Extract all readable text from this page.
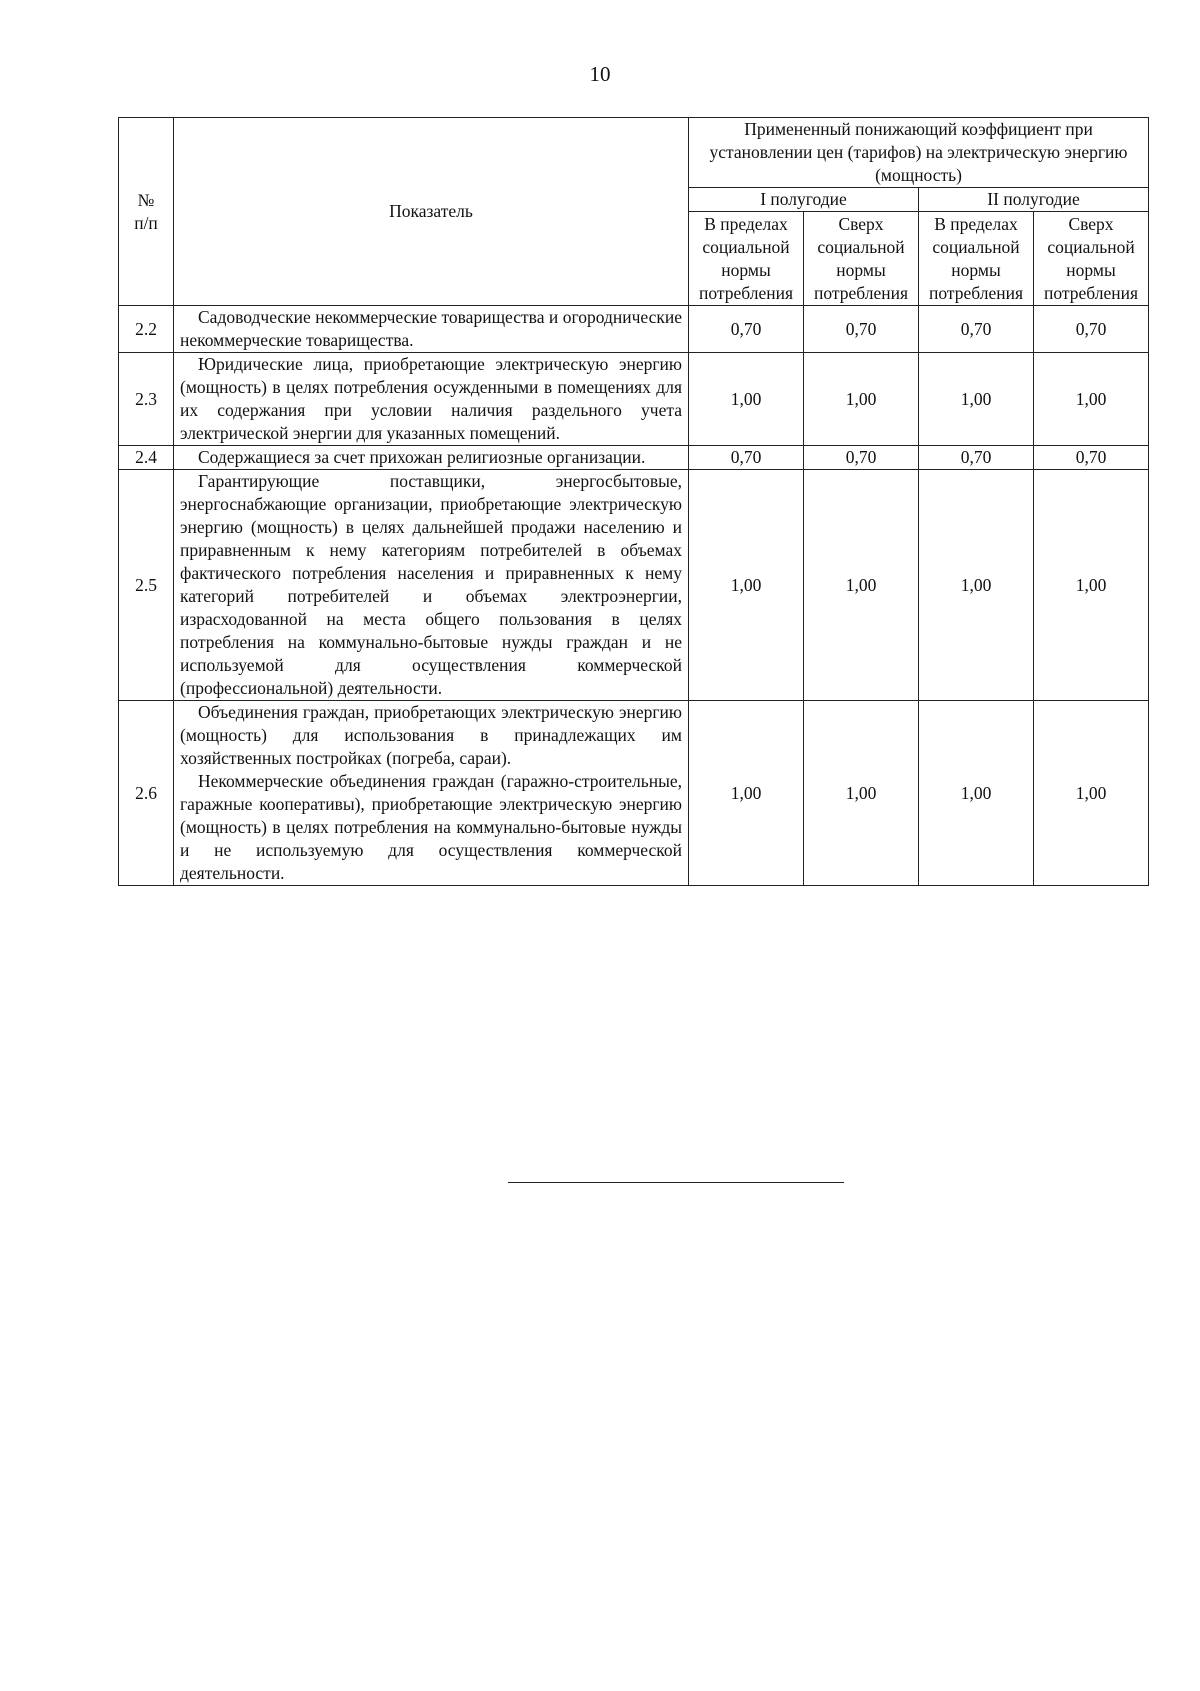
10
№
п/п	Показатель	Примененный понижающий коэффициент при установлении цен (тарифов) на электрическую энергию (мощность)			
		I полугодие		II полугодие	
		В пределах социальной нормы потребления	Сверх социальной нормы потребления	В пределах социальной нормы потребления	Сверх социальной нормы потребления
2.2	Садоводческие некоммерческие товарищества и огороднические некоммерческие товарищества.	0,70	0,70	0,70	0,70
2.3	Юридические лица, приобретающие электрическую энергию (мощность) в целях потребления осужденными в помещениях для их содержания при условии наличия раздельного учета электрической энергии для указанных помещений.	1,00	1,00	1,00	1,00
2.4	Содержащиеся за счет прихожан религиозные организации.	0,70	0,70	0,70	0,70
2.5	Гарантирующие поставщики, энергосбытовые, энергоснабжающие организации, приобретающие электрическую энергию (мощность) в целях дальнейшей продажи населению и приравненным к нему категориям потребителей в объемах фактического потребления населения и приравненных к нему категорий потребителей и объемах электроэнергии, израсходованной на места общего пользования в целях потребления на коммунально-бытовые нужды граждан и не используемой для осуществления коммерческой (профессиональной) деятельности.	1,00	1,00	1,00	1,00
2.6	Объединения граждан, приобретающих электрическую энергию (мощность) для использования в принадлежащих им хозяйственных постройках (погреба, сараи).

Некоммерческие объединения граждан (гаражно-строительные, гаражные кооперативы), приобретающие электрическую энергию (мощность) в целях потребления на коммунально-бытовые нужды и не используемую для осуществления коммерческой деятельности.	1,00	1,00	1,00	1,00
